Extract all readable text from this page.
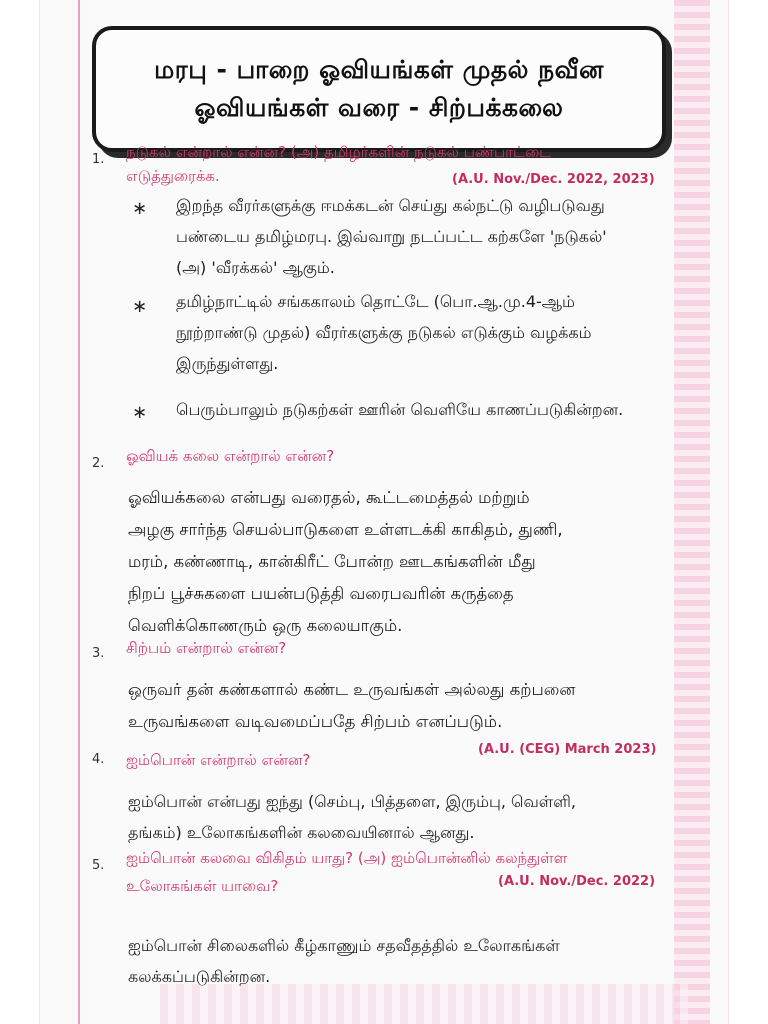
மரபு - பாறை ஓவியங்கள் முதல் நவீன
ஓவியங்கள் வரை - சிற்பக்கலை
1. நடுகல் என்றால் என்ன? (அ) தமிழர்களின் நடுகல் பண்பாட்டை
எடுத்துரைக்க.	(A.U. Nov./Dec. 2022, 2023)
∗ இறந்த வீரர்களுக்கு ஈமக்கடன் செய்து கல்நட்டு வழிபடுவது
பண்டைய தமிழ்மரபு. இவ்வாறு நடப்பட்ட கற்களே 'நடுகல்'
(அ) 'வீரக்கல்' ஆகும்.
∗ தமிழ்நாட்டில் சங்ககாலம் தொட்டே (பொ.ஆ.மு.4-ஆம்
நூற்றாண்டு முதல்) வீரர்களுக்கு நடுகல் எடுக்கும் வழக்கம்
இருந்துள்ளது.
∗ பெரும்பாலும் நடுகற்கள் ஊரின் வெளியே காணப்படுகின்றன.
2. ஓவியக் கலை என்றால் என்ன?
ஓவியக்கலை என்பது வரைதல், கூட்டமைத்தல் மற்றும்
அழகு சார்ந்த செயல்பாடுகளை உள்ளடக்கி காகிதம், துணி,
மரம், கண்ணாடி, கான்கிரீட் போன்ற ஊடகங்களின் மீது
நிறப் பூச்சுகளை பயன்படுத்தி வரைபவரின் கருத்தை
வெளிக்கொணரும் ஒரு கலையாகும்.
3. சிற்பம் என்றால் என்ன?
ஒருவர் தன் கண்களால் கண்ட உருவங்கள் அல்லது கற்பனை
உருவங்களை வடிவமைப்பதே சிற்பம் எனப்படும்.
4. ஐம்பொன் என்றால் என்ன?
(A.U. (CEG) March 2023)
ஐம்பொன் என்பது ஐந்து (செம்பு, பித்தளை, இரும்பு, வெள்ளி,
தங்கம்) உலோகங்களின் கலவையினால் ஆனது.
5. ஐம்பொன் கலவை விகிதம் யாது? (அ) ஐம்பொன்னில் கலந்துள்ள
உலோகங்கள் யாவை?	(A.U. Nov./Dec. 2022)
ஐம்பொன் சிலைகளில் கீழ்காணும் சதவீதத்தில் உலோகங்கள்
கலக்கப்படுகின்றன.
